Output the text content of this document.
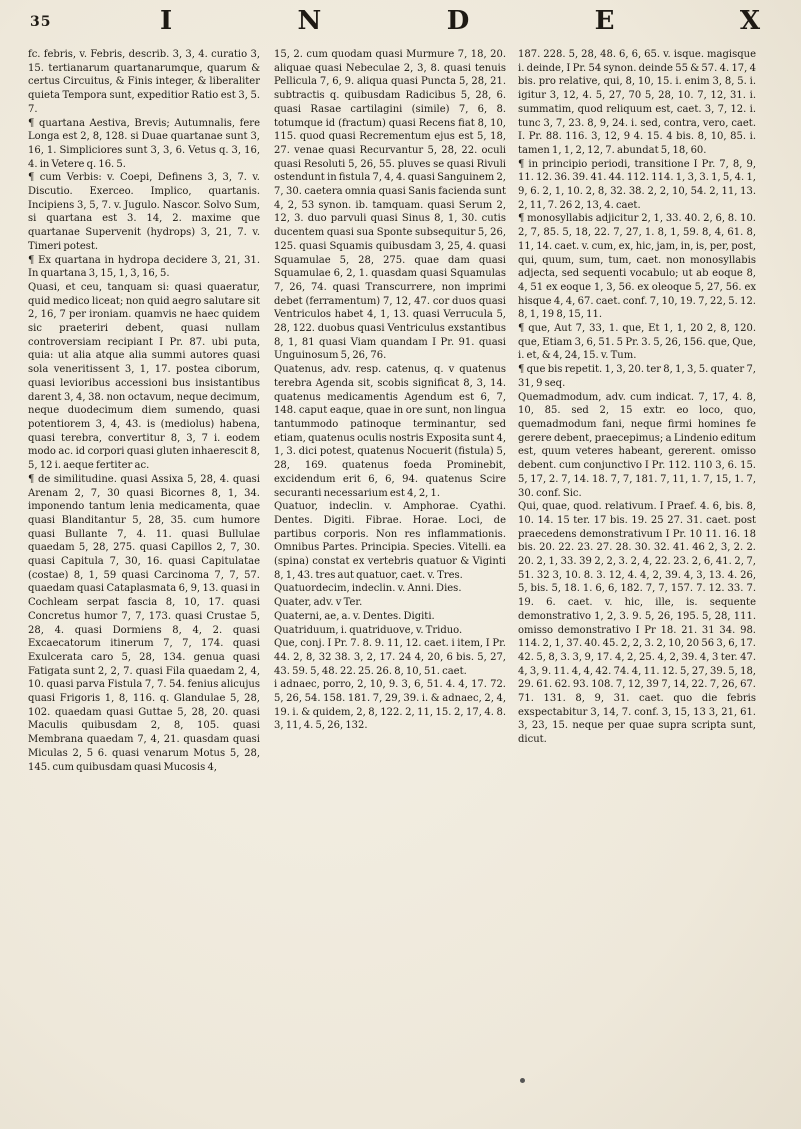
35	I	N	D	E	X

fc. febris, v. Febris, describ. 3, 3, 4. curatio 3, 15. tertianarum quartanarumque, quarum & certus Circuitus, & Finis integer, & liberaliter quieta Tempora sunt, expeditior Ratio est 3, 5. 7.

¶ quartana Aestiva, Brevis; Autumnalis, fere Longa est 2, 8, 128. si Duae quartanae sunt 3, 16, 1. Simpliciores sunt 3, 3, 6. Vetus q. 3, 16, 4. in Vetere q. 16. 5.

¶ cum Verbis: v. Coepi, Definens 3, 3, 7. v. Discutio. Exerceo. Implico, quartanis. Incipiens 3, 5, 7. v. Jugulo. Nascor. Solvo Sum, si quartana est 3. 14, 2. maxime que quartanae Supervenit (hydrops) 3, 21, 7. v. Timeri potest.

¶ Ex quartana in hydropa decidere 3, 21, 31. In quartana 3, 15, 1, 3, 16, 5.

Quasi, et ceu, tanquam si: quasi quaeratur, quid medico liceat; non quid aegro salutare sit 2, 16, 7 per ironiam. quamvis ne haec quidem sic praeteriri debent, quasi nullam controversiam recipiant I Pr. 87. ubi puta, quia: ut alia atque alia summi autores quasi sola veneritissent 3, 1, 17. postea ciborum, quasi levioribus accessioni bus insistantibus darent 3, 4, 38. non octavum, neque decimum, neque duodecimum diem sumendo, quasi potentiorem 3, 4, 43. is (mediolus) habena, quasi terebra, convertitur 8, 3, 7 i. eodem modo ac. id corpori quasi gluten inhaerescit 8, 5, 12 i. aeque fertiter ac.

¶ de similitudine. quasi Assixa 5, 28, 4. quasi Arenam 2, 7, 30 quasi Bicornes 8, 1, 34. imponendo tantum lenia medicamenta, quae quasi Blanditantur 5, 28, 35. cum humore quasi Bullante 7, 4. 11. quasi Bullulae quaedam 5, 28, 275. quasi Capillos 2, 7, 30. quasi Capitula 7, 30, 16. quasi Capitulatae (costae) 8, 1, 59 quasi Carcinoma 7, 7, 57. quaedam quasi Cataplasmata 6, 9, 13. quasi in Cochleam serpat fascia 8, 10, 17. quasi Concretus humor 7, 7, 173. quasi Crustae 5, 28, 4. quasi Dormiens 8, 4, 2. quasi Excaecatorum itinerum 7, 7, 174. quasi Exulcerata caro 5, 28, 134. genua quasi Fatigata sunt 2, 2, 7. quasi Fila quaedam 2, 4, 10. quasi parva Fistula 7, 7. 54. fenius alicujus quasi Frigoris 1, 8, 116. q. Glandulae 5, 28, 102. quaedam quasi Guttae 5, 28, 20. quasi Maculis quibusdam 2, 8, 105. quasi Membrana quaedam 7, 4, 21. quasdam quasi Miculas 2, 5 6. quasi venarum Motus 5, 28, 145. cum quibusdam quasi Mucosis 4,

15, 2. cum quodam quasi Murmure 7, 18, 20. aliquae quasi Nebeculae 2, 3, 8. quasi tenuis Pellicula 7, 6, 9. aliqua quasi Puncta 5, 28, 21. subtractis q. quibusdam Radicibus 5, 28, 6. quasi Rasae cartilagini (simile) 7, 6, 8. totumque id (fractum) quasi Recens fiat 8, 10, 115. quod quasi Recrementum ejus est 5, 18, 27. venae quasi Recurvantur 5, 28, 22. oculi quasi Resoluti 5, 26, 55. pluves se quasi Rivuli ostendunt in fistula 7, 4, 4. quasi Sanguinem 2, 7, 30. caetera omnia quasi Sanis facienda sunt 4, 2, 53 synon. ib. tamquam. quasi Serum 2, 12, 3. duo parvuli quasi Sinus 8, 1, 30. cutis ducentem quasi sua Sponte subsequitur 5, 26, 125. quasi Squamis quibusdam 3, 25, 4. quasi Squamulae 5, 28, 275. quae dam quasi Squamulae 6, 2, 1. quasdam quasi Squamulas 7, 26, 74. quasi Transcurrere, non imprimi debet (ferramentum) 7, 12, 47. cor duos quasi Ventriculos habet 4, 1, 13. quasi Verrucula 5, 28, 122. duobus quasi Ventriculus exstantibus 8, 1, 81 quasi Viam quandam I Pr. 91. quasi Unguinosum 5, 26, 76.

Quatenus, adv. resp. catenus, q. v quatenus terebra Agenda sit, scobis significat 8, 3, 14. quatenus medicamentis Agendum est 6, 7, 148. caput eaque, quae in ore sunt, non lingua tantummodo patinoque terminantur, sed etiam, quatenus oculis nostris Exposita sunt 4, 1, 3. dici potest, quatenus Nocuerit (fistula) 5, 28, 169. quatenus foeda Prominebit, excidendum erit 6, 6, 94. quatenus Scire securanti necessarium est 4, 2, 1.

Quatuor, indeclin. v. Amphorae. Cyathi. Dentes. Digiti. Fibrae. Horae. Loci, de partibus corporis. Non res inflammationis. Omnibus Partes. Principia. Species. Vitelli. ea (spina) constat ex vertebris quatuor & Viginti 8, 1, 43. tres aut quatuor, caet. v. Tres.

Quatuordecim, indeclin. v. Anni. Dies.

Quater, adv. v Ter.

Quaterni, ae, a. v. Dentes. Digiti.

Quatriduum, i. quatriduove, v. Triduo.

Que, conj. I Pr. 7. 8. 9. 11, 12. caet. i item, I Pr. 44. 2, 8, 32 38. 3, 2, 17. 24 4, 20, 6 bis. 5, 27, 43. 59. 5, 48. 22. 25. 26. 8, 10, 51. caet.

i adnaec, porro, 2, 10, 9. 3, 6, 51. 4. 4, 17. 72. 5, 26, 54. 158. 181. 7, 29, 39. i. & adnaec, 2, 4, 19. i. & quidem, 2, 8, 122. 2, 11, 15. 2, 17, 4. 8. 3, 11, 4. 5, 26, 132.

187. 228. 5, 28, 48. 6, 6, 65. v. isque. magisque i. deinde, I Pr. 54 synon. deinde 55 & 57. 4. 17, 4 bis. pro relative, qui, 8, 10, 15. i. enim 3, 8, 5. i. igitur 3, 12, 4. 5, 27, 70 5, 28, 10. 7, 12, 31. i. summatim, quod reliquum est, caet. 3, 7, 12. i. tunc 3, 7, 23. 8, 9, 24. i. sed, contra, vero, caet. I. Pr. 88. 116. 3, 12, 9 4. 15. 4 bis. 8, 10, 85. i. tamen 1, 1, 2, 12, 7. abundat 5, 18, 60.

¶ in principio periodi, transitione I Pr. 7, 8, 9, 11. 12. 36. 39. 41. 44. 112. 114. 1, 3, 3. 1, 5, 4. 1, 9, 6. 2, 1, 10. 2, 8, 32. 38. 2, 2, 10, 54. 2, 11, 13. 2, 11, 7. 26 2, 13, 4. caet.

¶ monosyllabis adjicitur 2, 1, 33. 40. 2, 6, 8. 10. 2, 7, 85. 5, 18, 22. 7, 27, 1. 8, 1, 59. 8, 4, 61. 8, 11, 14. caet. v. cum, ex, hic, jam, in, is, per, post, qui, quum, sum, tum, caet. non monosyllabis adjecta, sed sequenti vocabulo; ut ab eoque 8, 4, 51 ex eoque 1, 3, 56. ex oleoque 5, 27, 56. ex hisque 4, 4, 67. caet. conf. 7, 10, 19. 7, 22, 5. 12. 8, 1, 19 8, 15, 11.

¶ que, Aut 7, 33, 1. que, Et 1, 1, 20 2, 8, 120. que, Etiam 3, 6, 51. 5 Pr. 3. 5, 26, 156. que, Que, i. et, & 4, 24, 15. v. Tum.

¶ que bis repetit. 1, 3, 20. ter 8, 1, 3, 5. quater 7, 31, 9 seq.

Quemadmodum, adv. cum indicat. 7, 17, 4. 8, 10, 85. sed 2, 15 extr. eo loco, quo, quemadmodum fani, neque firmi homines fe gerere debent, praecepimus; a Lindenio editum est, quum veteres habeant, gererent. omisso debent. cum conjunctivo I Pr. 112. 110 3, 6. 15. 5, 17, 2. 7, 14. 18. 7, 7, 181. 7, 11, 1. 7, 15, 1. 7, 30. conf. Sic.

Qui, quae, quod. relativum. I Praef. 4. 6, bis. 8, 10. 14. 15 ter. 17 bis. 19. 25 27. 31. caet. post praecedens demonstrativum I Pr. 10 11. 16. 18 bis. 20. 22. 23. 27. 28. 30. 32. 41. 46 2, 3, 2. 2. 20. 2, 1, 33. 39 2, 2, 3. 2, 4, 22. 23. 2, 6, 41. 2, 7, 51. 32 3, 10. 8. 3. 12, 4. 4, 2, 39. 4, 3, 13. 4. 26, 5, bis. 5, 18. 1. 6, 6, 182. 7, 7, 157. 7. 12. 33. 7. 19. 6. caet. v. hic, ille, is. sequente demonstrativo 1, 2, 3. 9. 5, 26, 195. 5, 28, 111. omisso demonstrativo I Pr 18. 21. 31 34. 98. 114. 2, 1, 37. 40. 45. 2, 2, 3. 2, 10, 20 56 3, 6, 17. 42. 5, 8, 3. 3, 9, 17. 4, 2, 25. 4, 2, 39. 4, 3 ter. 47. 4, 3, 9. 11. 4, 4, 42. 74. 4, 11. 12. 5, 27, 39. 5, 18, 29. 61. 62. 93. 108. 7, 12, 39 7, 14, 22. 7, 26, 67. 71. 131. 8, 9, 31. caet. quo die febris exspectabitur 3, 14, 7. conf. 3, 15, 13 3, 21, 61. 3, 23, 15. neque per quae supra scripta sunt, dicut.
